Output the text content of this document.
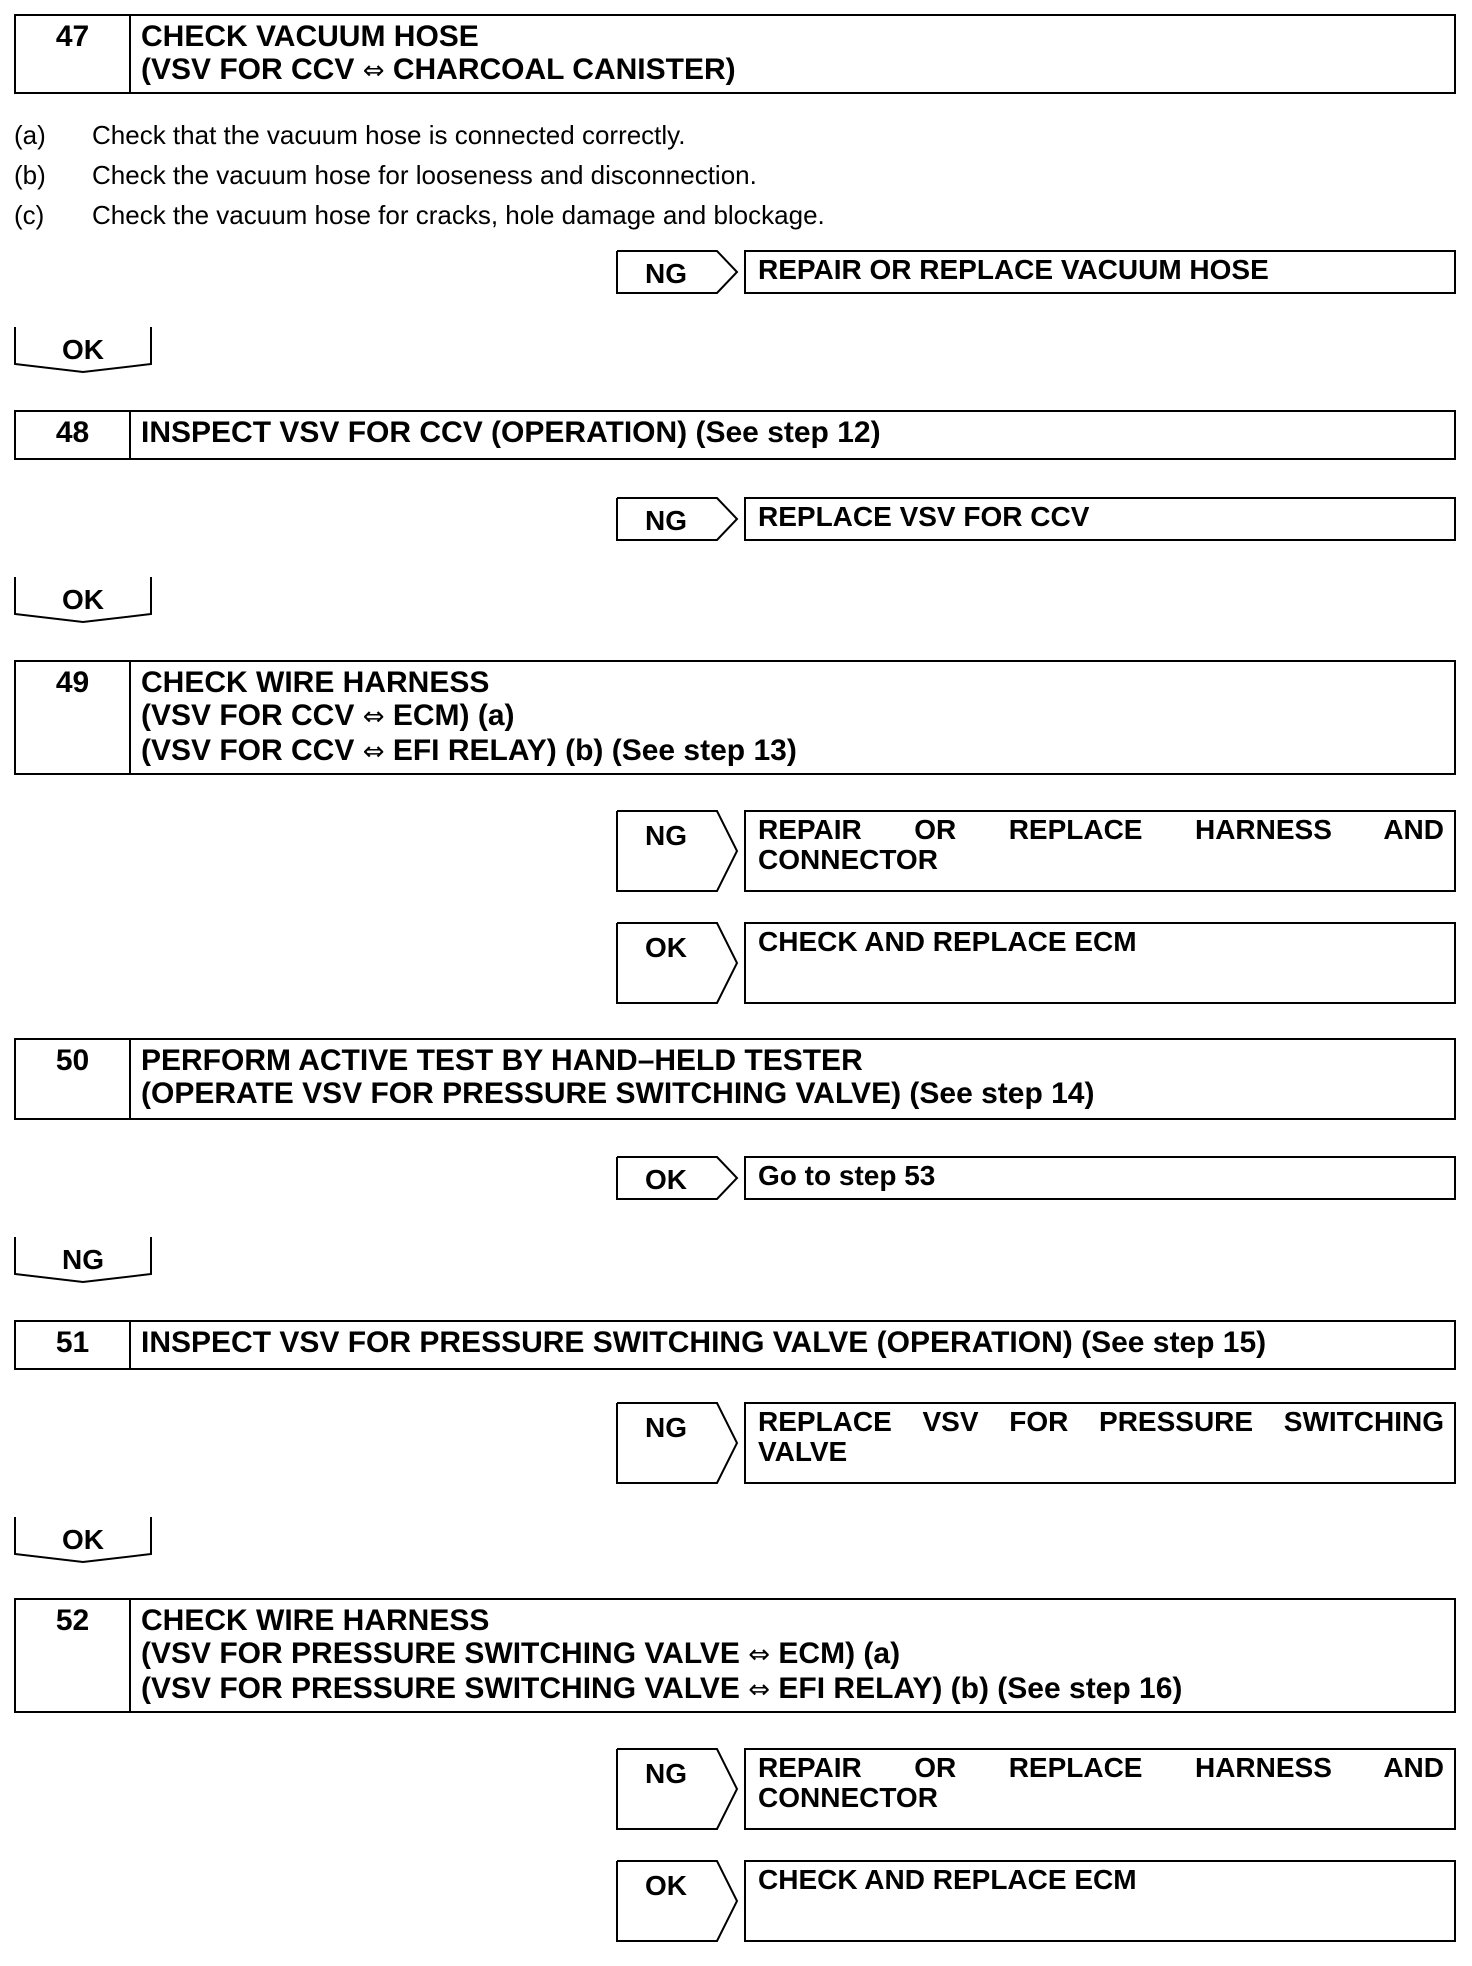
47	CHECK VACUUM HOSE
(VSV FOR CCV ⇔ CHARCOAL CANISTER)
(a) Check that the vacuum hose is connected correctly.
(b) Check the vacuum hose for looseness and disconnection.
(c) Check the vacuum hose for cracks, hole damage and blockage.
NG	REPAIR OR REPLACE VACUUM HOSE
OK
48	INSPECT VSV FOR CCV (OPERATION) (See step 12)
NG	REPLACE VSV FOR CCV
OK
49	CHECK WIRE HARNESS
(VSV FOR CCV ⇔ ECM) (a)
(VSV FOR CCV ⇔ EFI RELAY) (b) (See step 13)
NG	REPAIR OR REPLACE HARNESS AND
CONNECTOR
OK	CHECK AND REPLACE ECM
50	PERFORM ACTIVE TEST BY HAND–HELD TESTER
(OPERATE VSV FOR PRESSURE SWITCHING VALVE) (See step 14)
OK	Go to step 53
NG
51	INSPECT VSV FOR PRESSURE SWITCHING VALVE (OPERATION) (See step 15)
NG	REPLACE VSV FOR PRESSURE SWITCHING
VALVE
OK
52	CHECK WIRE HARNESS
(VSV FOR PRESSURE SWITCHING VALVE ⇔ ECM) (a)
(VSV FOR PRESSURE SWITCHING VALVE ⇔ EFI RELAY) (b) (See step 16)
NG	REPAIR OR REPLACE HARNESS AND
CONNECTOR
OK	CHECK AND REPLACE ECM
